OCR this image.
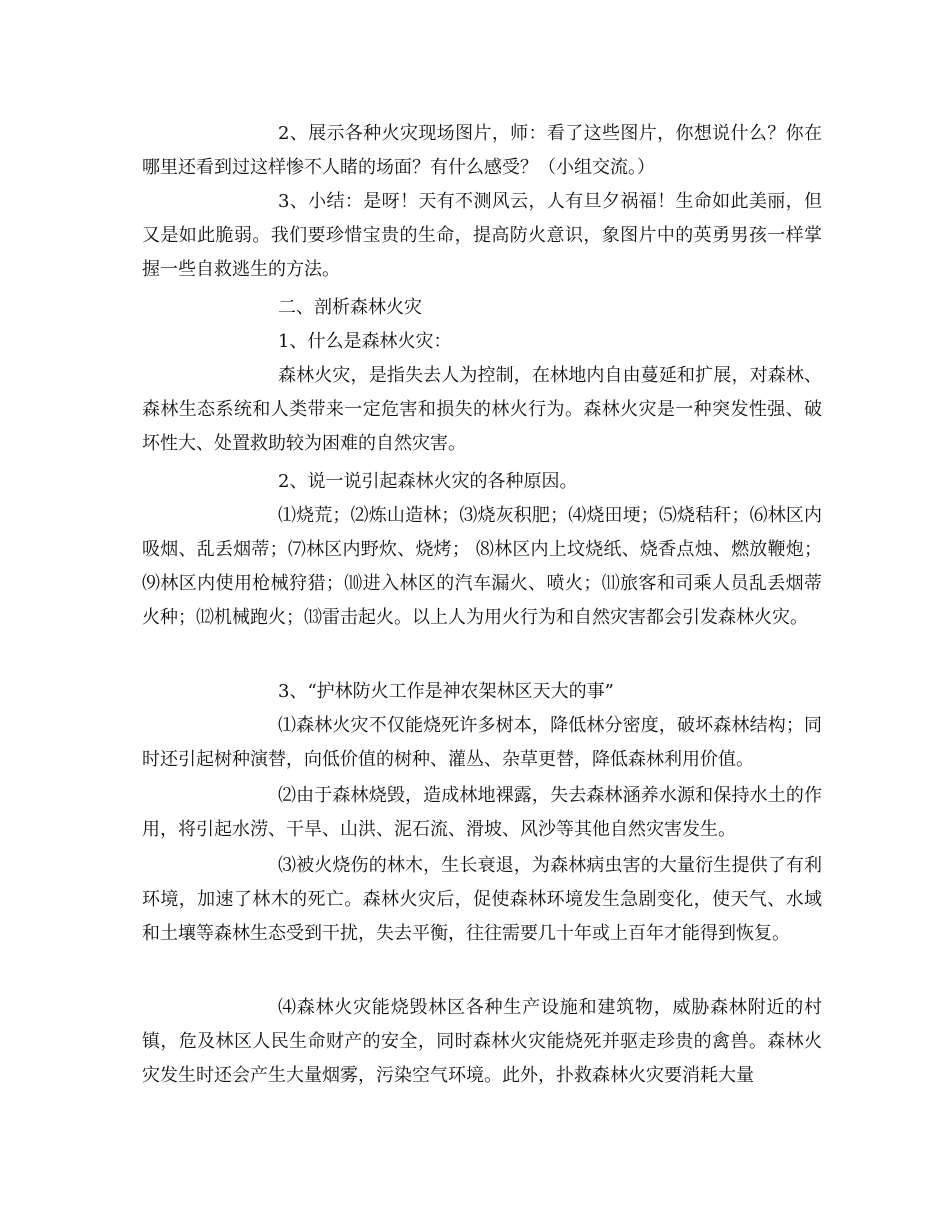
2、展示各种火灾现场图片，师：看了这些图片，你想说什么？你在哪里还看到过这样惨不人睹的场面？有什么感受？（小组交流。）

3、小结：是呀！天有不测风云，人有旦夕祸福！生命如此美丽，但又是如此脆弱。我们要珍惜宝贵的生命，提高防火意识，象图片中的英勇男孩一样掌握一些自救逃生的方法。

二、剖析森林火灾

1、什么是森林火灾：

森林火灾，是指失去人为控制，在林地内自由蔓延和扩展，对森林、森林生态系统和人类带来一定危害和损失的林火行为。森林火灾是一种突发性强、破坏性大、处置救助较为困难的自然灾害。

2、说一说引起森林火灾的各种原因。

⑴烧荒；⑵炼山造林；⑶烧灰积肥；⑷烧田埂；⑸烧秸秆；⑹林区内吸烟、乱丢烟蒂；⑺林区内野炊、烧烤； ⑻林区内上坟烧纸、烧香点烛、燃放鞭炮；⑼林区内使用枪械狩猎；⑽进入林区的汽车漏火、喷火；⑾旅客和司乘人员乱丢烟蒂火种；⑿机械跑火；⒀雷击起火。以上人为用火行为和自然灾害都会引发森林火灾。

3、“护林防火工作是神农架林区天大的事”

⑴森林火灾不仅能烧死许多树本，降低林分密度，破坏森林结构；同时还引起树种演替，向低价值的树种、灌丛、杂草更替，降低森林利用价值。

⑵由于森林烧毁，造成林地裸露，失去森林涵养水源和保持水土的作用，将引起水涝、干旱、山洪、泥石流、滑坡、风沙等其他自然灾害发生。

⑶被火烧伤的林木，生长衰退，为森林病虫害的大量衍生提供了有利环境，加速了林木的死亡。森林火灾后，促使森林环境发生急剧变化，使天气、水域和土壤等森林生态受到干扰，失去平衡，往往需要几十年或上百年才能得到恢复。

⑷森林火灾能烧毁林区各种生产设施和建筑物，威胁森林附近的村镇，危及林区人民生命财产的安全，同时森林火灾能烧死并驱走珍贵的禽兽。森林火灾发生时还会产生大量烟雾，污染空气环境。此外，扑救森林火灾要消耗大量
